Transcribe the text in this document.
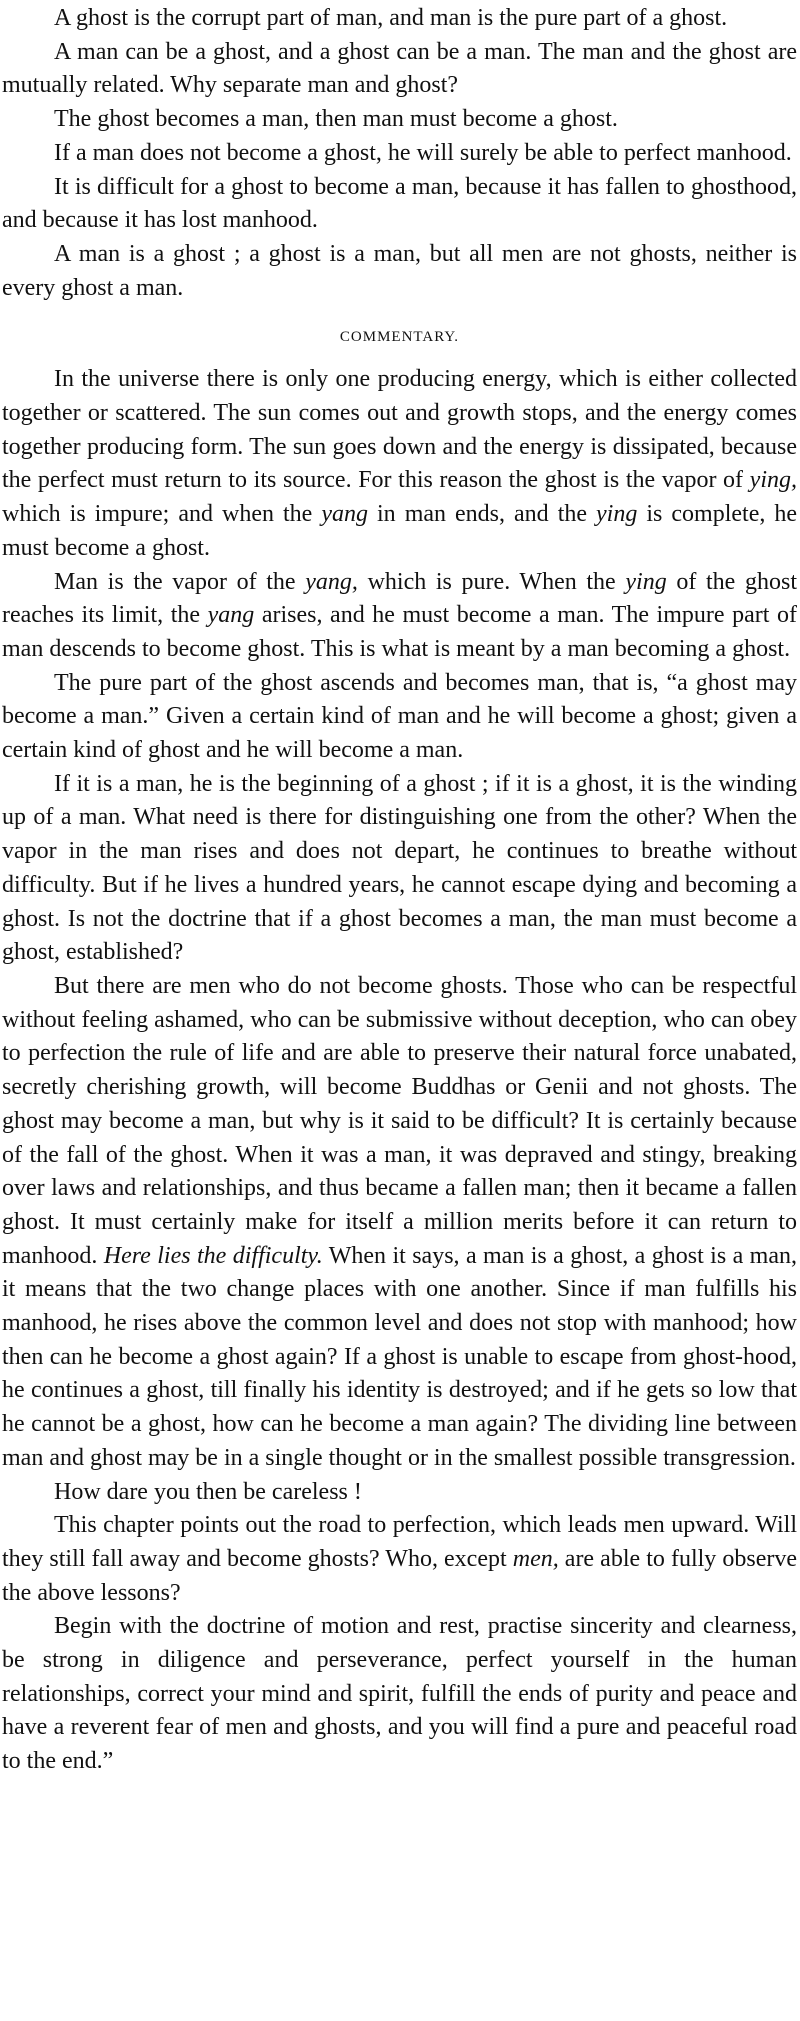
A ghost is the corrupt part of man, and man is the pure part of a ghost.

A man can be a ghost, and a ghost can be a man. The man and the ghost are mutually related. Why separate man and ghost?

The ghost becomes a man, then man must become a ghost.

If a man does not become a ghost, he will surely be able to perfect manhood.

It is difficult for a ghost to become a man, because it has fallen to ghosthood, and because it has lost manhood.

A man is a ghost ; a ghost is a man, but all men are not ghosts, neither is every ghost a man.

COMMENTARY.

In the universe there is only one producing energy, which is either collected together or scattered. The sun comes out and growth stops, and the energy comes together producing form. The sun goes down and the energy is dissipated, because the perfect must return to its source. For this reason the ghost is the vapor of ying, which is impure; and when the yang in man ends, and the ying is complete, he must become a ghost.

Man is the vapor of the yang, which is pure. When the ying of the ghost reaches its limit, the yang arises, and he must become a man. The impure part of man descends to become ghost. This is what is meant by a man becoming a ghost.

The pure part of the ghost ascends and becomes man, that is, “a ghost may become a man.” Given a certain kind of man and he will become a ghost; given a certain kind of ghost and he will become a man.

If it is a man, he is the beginning of a ghost ; if it is a ghost, it is the winding up of a man. What need is there for distinguishing one from the other? When the vapor in the man rises and does not depart, he continues to breathe without difficulty. But if he lives a hundred years, he cannot escape dying and becoming a ghost. Is not the doctrine that if a ghost becomes a man, the man must become a ghost, established?

But there are men who do not become ghosts. Those who can be respectful without feeling ashamed, who can be submissive without deception, who can obey to perfection the rule of life and are able to preserve their natural force unabated, secretly cherishing growth, will become Buddhas or Genii and not ghosts. The ghost may become a man, but why is it said to be difficult? It is certainly because of the fall of the ghost. When it was a man, it was depraved and stingy, breaking over laws and relationships, and thus became a fallen man; then it became a fallen ghost. It must certainly make for itself a million merits before it can return to manhood. Here lies the difficulty. When it says, a man is a ghost, a ghost is a man, it means that the two change places with one another. Since if man fulfills his manhood, he rises above the common level and does not stop with manhood; how then can he become a ghost again? If a ghost is unable to escape from ghost-hood, he continues a ghost, till finally his identity is destroyed; and if he gets so low that he cannot be a ghost, how can he become a man again? The dividing line between man and ghost may be in a single thought or in the smallest possible transgression.

How dare you then be careless !

This chapter points out the road to perfection, which leads men upward. Will they still fall away and become ghosts? Who, except men, are able to fully observe the above lessons?

Begin with the doctrine of motion and rest, practise sincerity and clearness, be strong in diligence and perseverance, perfect yourself in the human relationships, correct your mind and spirit, fulfill the ends of purity and peace and have a reverent fear of men and ghosts, and you will find a pure and peaceful road to the end.”
